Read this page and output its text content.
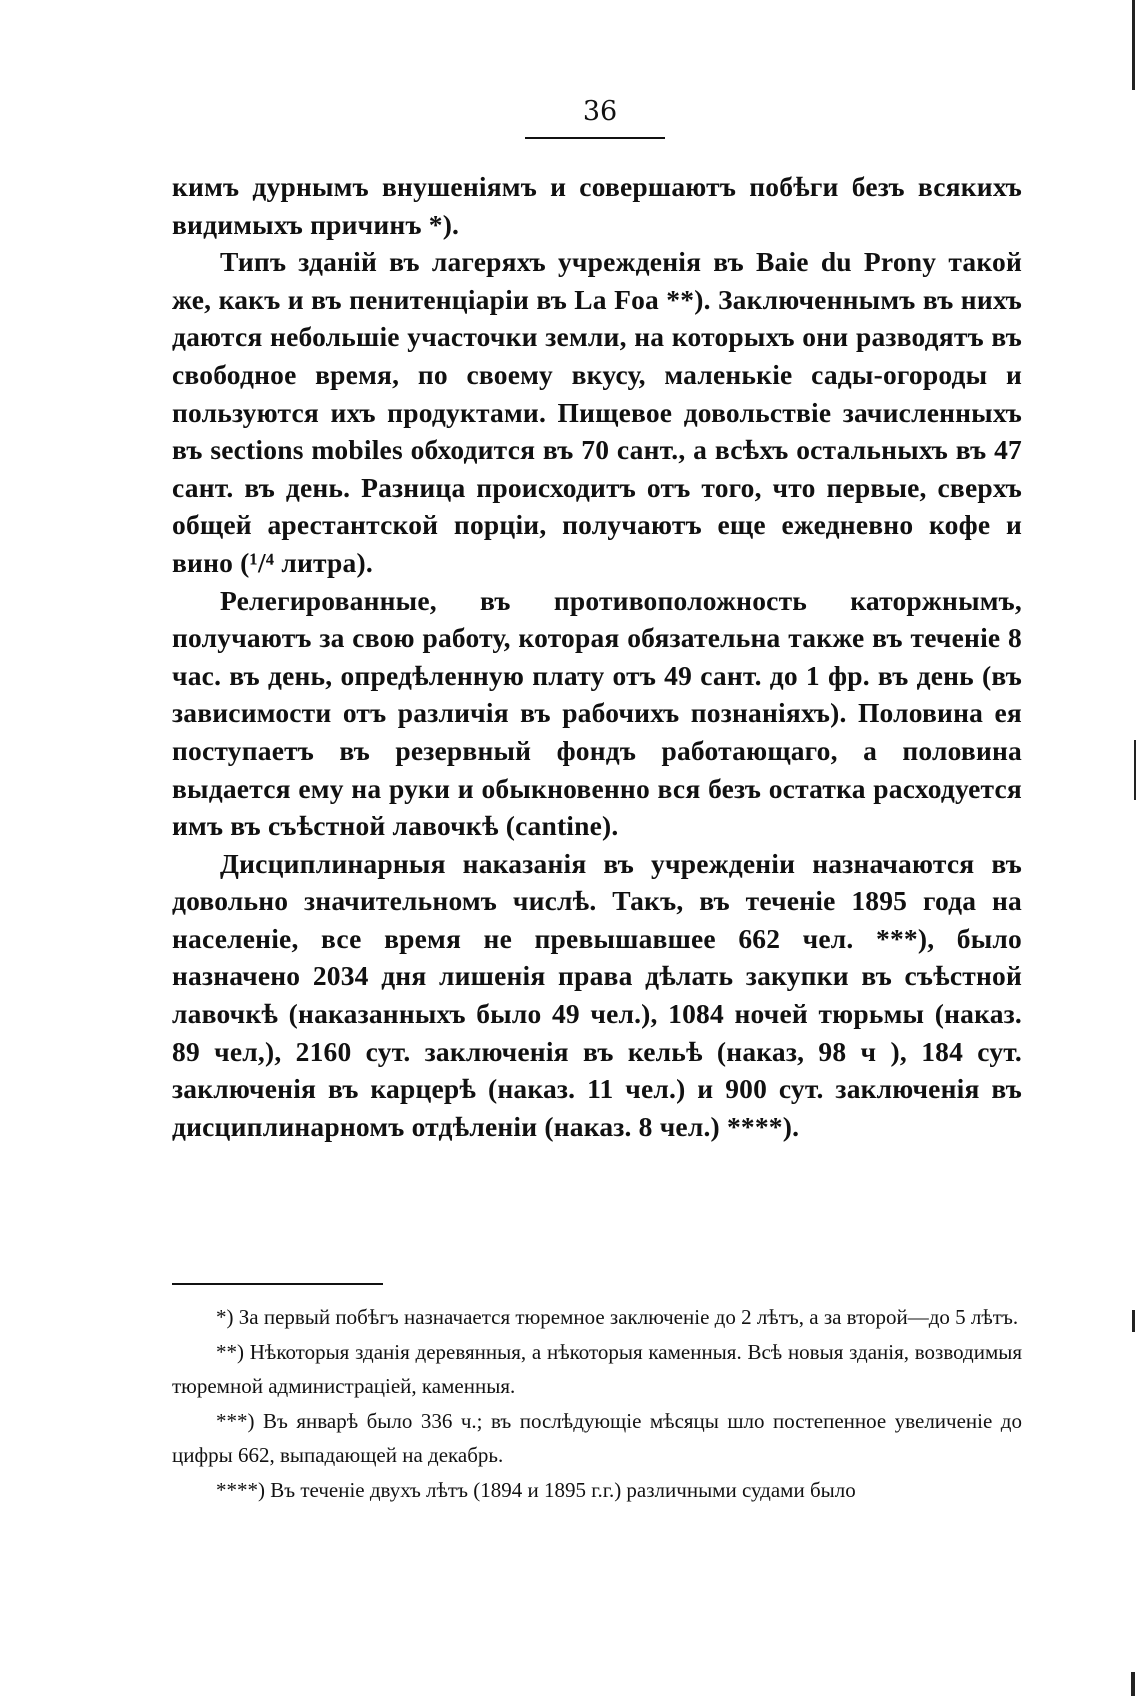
36

кимъ дурнымъ внушеніямъ и совершаютъ побѣги безъ всякихъ видимыхъ причинъ *).

Типъ зданій въ лагеряхъ учрежденія въ Baie du Prony такой же, какъ и въ пенитенціаріи въ La Foa **). Заключеннымъ въ нихъ даются небольшіе участочки земли, на которыхъ они разводятъ въ свободное время, по своему вкусу, маленькіе сады-огороды и пользуются ихъ продуктами. Пищевое довольствіе зачисленныхъ въ sections mobiles обходится въ 70 сант., а всѣхъ остальныхъ въ 47 сант. въ день. Разница происходитъ отъ того, что первые, сверхъ общей арестантской порціи, получаютъ еще ежедневно кофе и вино (¹/⁴ литра).

Релегированные, въ противоположность каторжнымъ, получаютъ за свою работу, которая обязательна также въ теченіе 8 час. въ день, опредѣленную плату отъ 49 сант. до 1 фр. въ день (въ зависимости отъ различія въ рабочихъ познаніяхъ). Половина ея поступаетъ въ резервный фондъ работающаго, а половина выдается ему на руки и обыкновенно вся безъ остатка расходуется имъ въ съѣстной лавочкѣ (cantine).

Дисциплинарныя наказанія въ учрежденіи назначаются въ довольно значительномъ числѣ. Такъ, въ теченіе 1895 года на населеніе, все время не превышавшее 662 чел. ***), было назначено 2034 дня лишенія права дѣлать закупки въ съѣстной лавочкѣ (наказанныхъ было 49 чел.), 1084 ночей тюрьмы (наказ. 89 чел,), 2160 сут. заключенія въ кельѣ (наказ, 98 ч ), 184 сут. заключенія въ карцерѣ (наказ. 11 чел.) и 900 сут. заключенія въ дисциплинарномъ отдѣленіи (наказ. 8 чел.) ****).

*) За первый побѣгъ назначается тюремное заключеніе до 2 лѣтъ, а за второй—до 5 лѣтъ.

**) Нѣкоторыя зданія деревянныя, а нѣкоторыя каменныя. Всѣ новыя зданія, возводимыя тюремной администраціей, каменныя.

***) Въ январѣ было 336 ч.; въ послѣдующіе мѣсяцы шло постепенное увеличеніе до цифры 662, выпадающей на декабрь.

****) Въ теченіе двухъ лѣтъ (1894 и 1895 г.г.) различными судами было
